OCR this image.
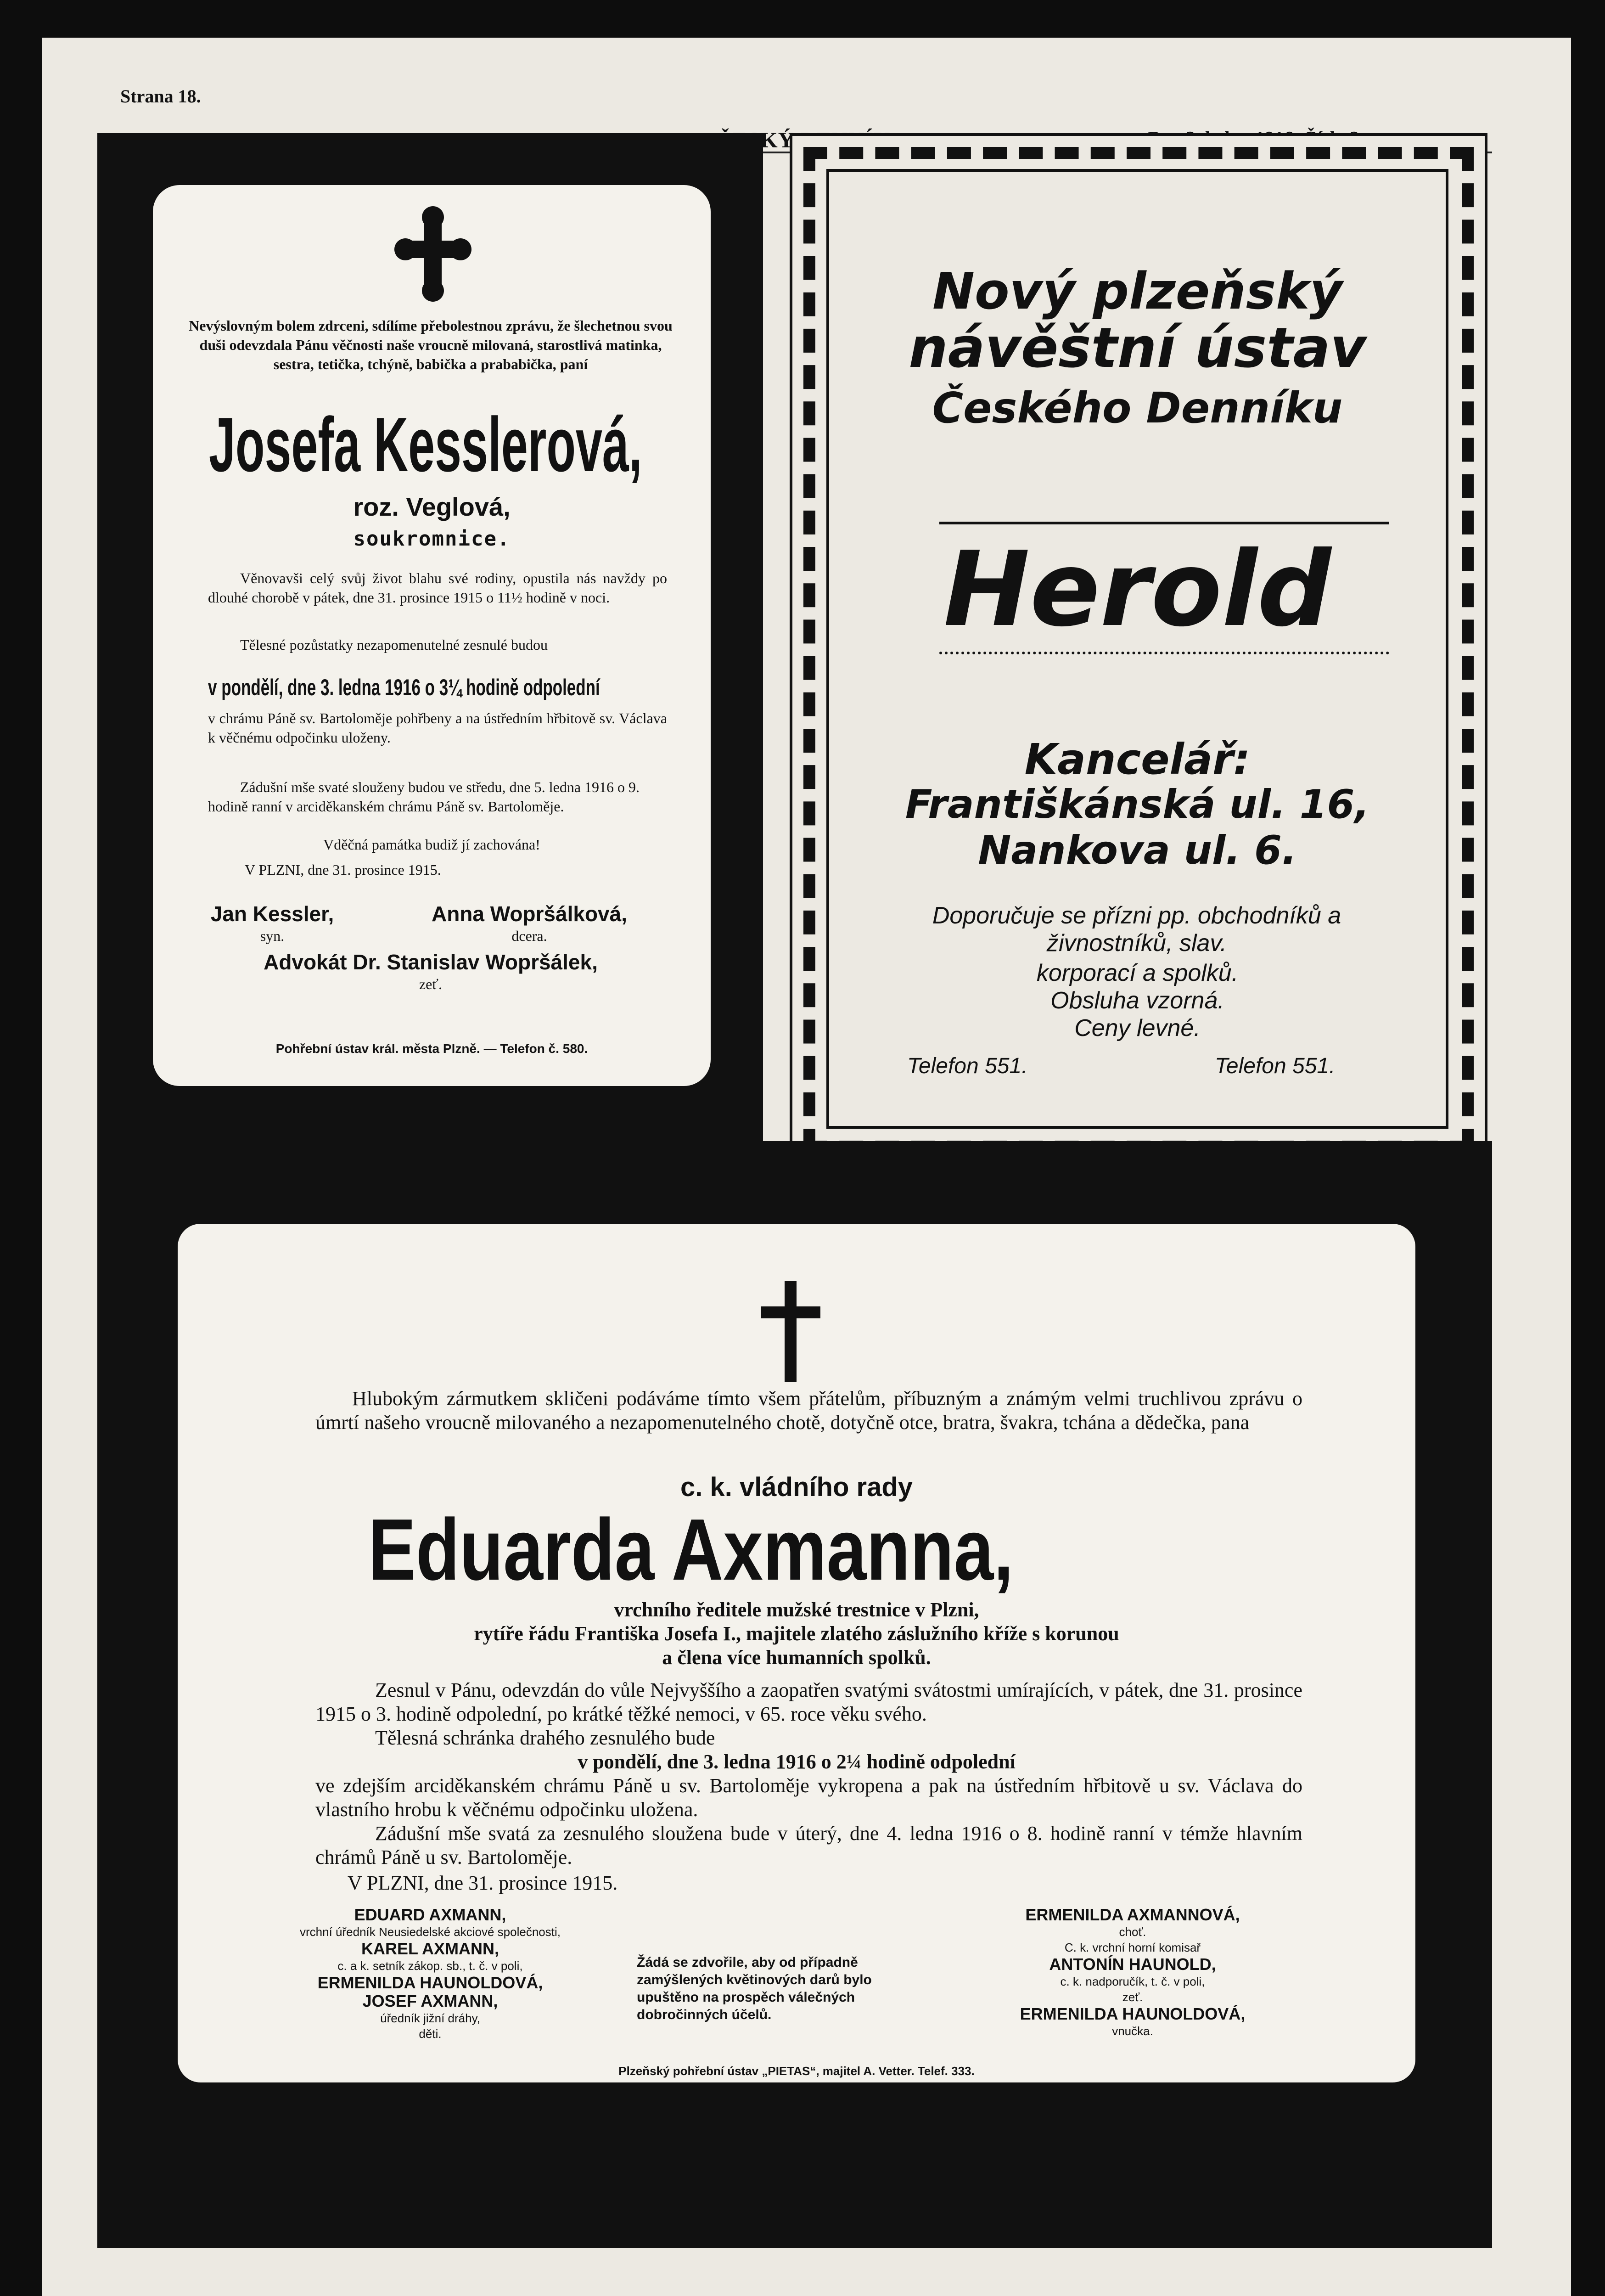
Strana 18.
Nevýslovným bolem zdrceni, sdílíme přebolestnou zprávu, že šlechetnou svou duši odevzdala Pánu věčnosti naše vroucně milovaná, starostlivá matinka, sestra, tetička, tchýně, babička a prababička, paní
Josefa Kesslerová,
roz. Veglová,
soukromnice.
Věnovavši celý svůj život blahu své rodiny, opustila nás navždy po dlouhé chorobě v pátek, dne 31. prosince 1915 o 11½ hodině v noci.
Tělesné pozůstatky nezapomenutelné zesnulé budou
v pondělí, dne 3. ledna 1916 o 3¼ hodině odpolední
v chrámu Páně sv. Bartoloměje pohřbeny a na ústředním hřbitově sv. Václava k věčnému odpočinku uloženy.
Zádušní mše svaté slouženy budou ve středu, dne 5. ledna 1916 o 9. hodině ranní v arciděkanském chrámu Páně sv. Bartoloměje.
Vděčná památka budiž jí zachována!
V PLZNI, dne 31. prosince 1915.
Jan Kessler,
syn.
Anna Wopršálková,
dcera.
Advokát Dr. Stanislav Wopršálek,
zeť.
Pohřební ústav král. města Plzně. — Telefon č. 580.
Nový plzeňský
návěštní ústav
Českého Denníku
Herold
Kancelář:
Františkánská ul. 16,
Nankova ul. 6.
Doporučuje se přízni pp. obchodníků a živnostníků, slav.
korporací a spolků.
Obsluha vzorná.
Ceny levné.
Telefon 551.	Telefon 551.
Hlubokým zármutkem skličeni podáváme tímto všem přátelům, příbuzným a známým velmi truchlivou zprávu o úmrtí našeho vroucně milovaného a nezapomenutelného chotě, dotyčně otce, bratra, švakra, tchána a dědečka, pana
c. k. vládního rady
Eduarda Axmanna,
vrchního ředitele mužské trestnice v Plzni,
rytíře řádu Františka Josefa I., majitele zlatého záslužního kříže s korunou
a člena více humanních spolků.
Zesnul v Pánu, odevzdán do vůle Nejvyššího a zaopatřen svatými svátostmi umírajících, v pátek, dne 31. prosince 1915 o 3. hodině odpolední, po krátké těžké nemoci, v 65. roce věku svého.
Tělesná schránka drahého zesnulého bude
v pondělí, dne 3. ledna 1916 o 2¼ hodině odpolední
ve zdejším arciděkanském chrámu Páně u sv. Bartoloměje vykropena a pak na ústředním hřbitově u sv. Václava do vlastního hrobu k věčnému odpočinku uložena.
Zádušní mše svatá za zesnulého sloužena bude v úterý, dne 4. ledna 1916 o 8. hodině ranní v témže hlavním chrámů Páně u sv. Bartoloměje.
V PLZNI, dne 31. prosince 1915.
EDUARD AXMANN,
vrchní úředník Neusiedelské akciové společnosti,
KAREL AXMANN,
c. a k. setník zákop. sb., t. č. v poli,
ERMENILDA HAUNOLDOVÁ,
JOSEF AXMANN,
úředník jižní dráhy,
děti.
Žádá se zdvořile, aby od případně zamýšlených květinových darů bylo upuštěno na prospěch válečných dobročinných účelů.
ERMENILDA AXMANNOVÁ,
choť.
C. k. vrchní horní komisař
ANTONÍN HAUNOLD,
c. k. nadporučík, t. č. v poli,
zeť.
ERMENILDA HAUNOLDOVÁ,
vnučka.
Plzeňský pohřební ústav „PIETAS“, majitel A. Vetter. Telef. 333.
